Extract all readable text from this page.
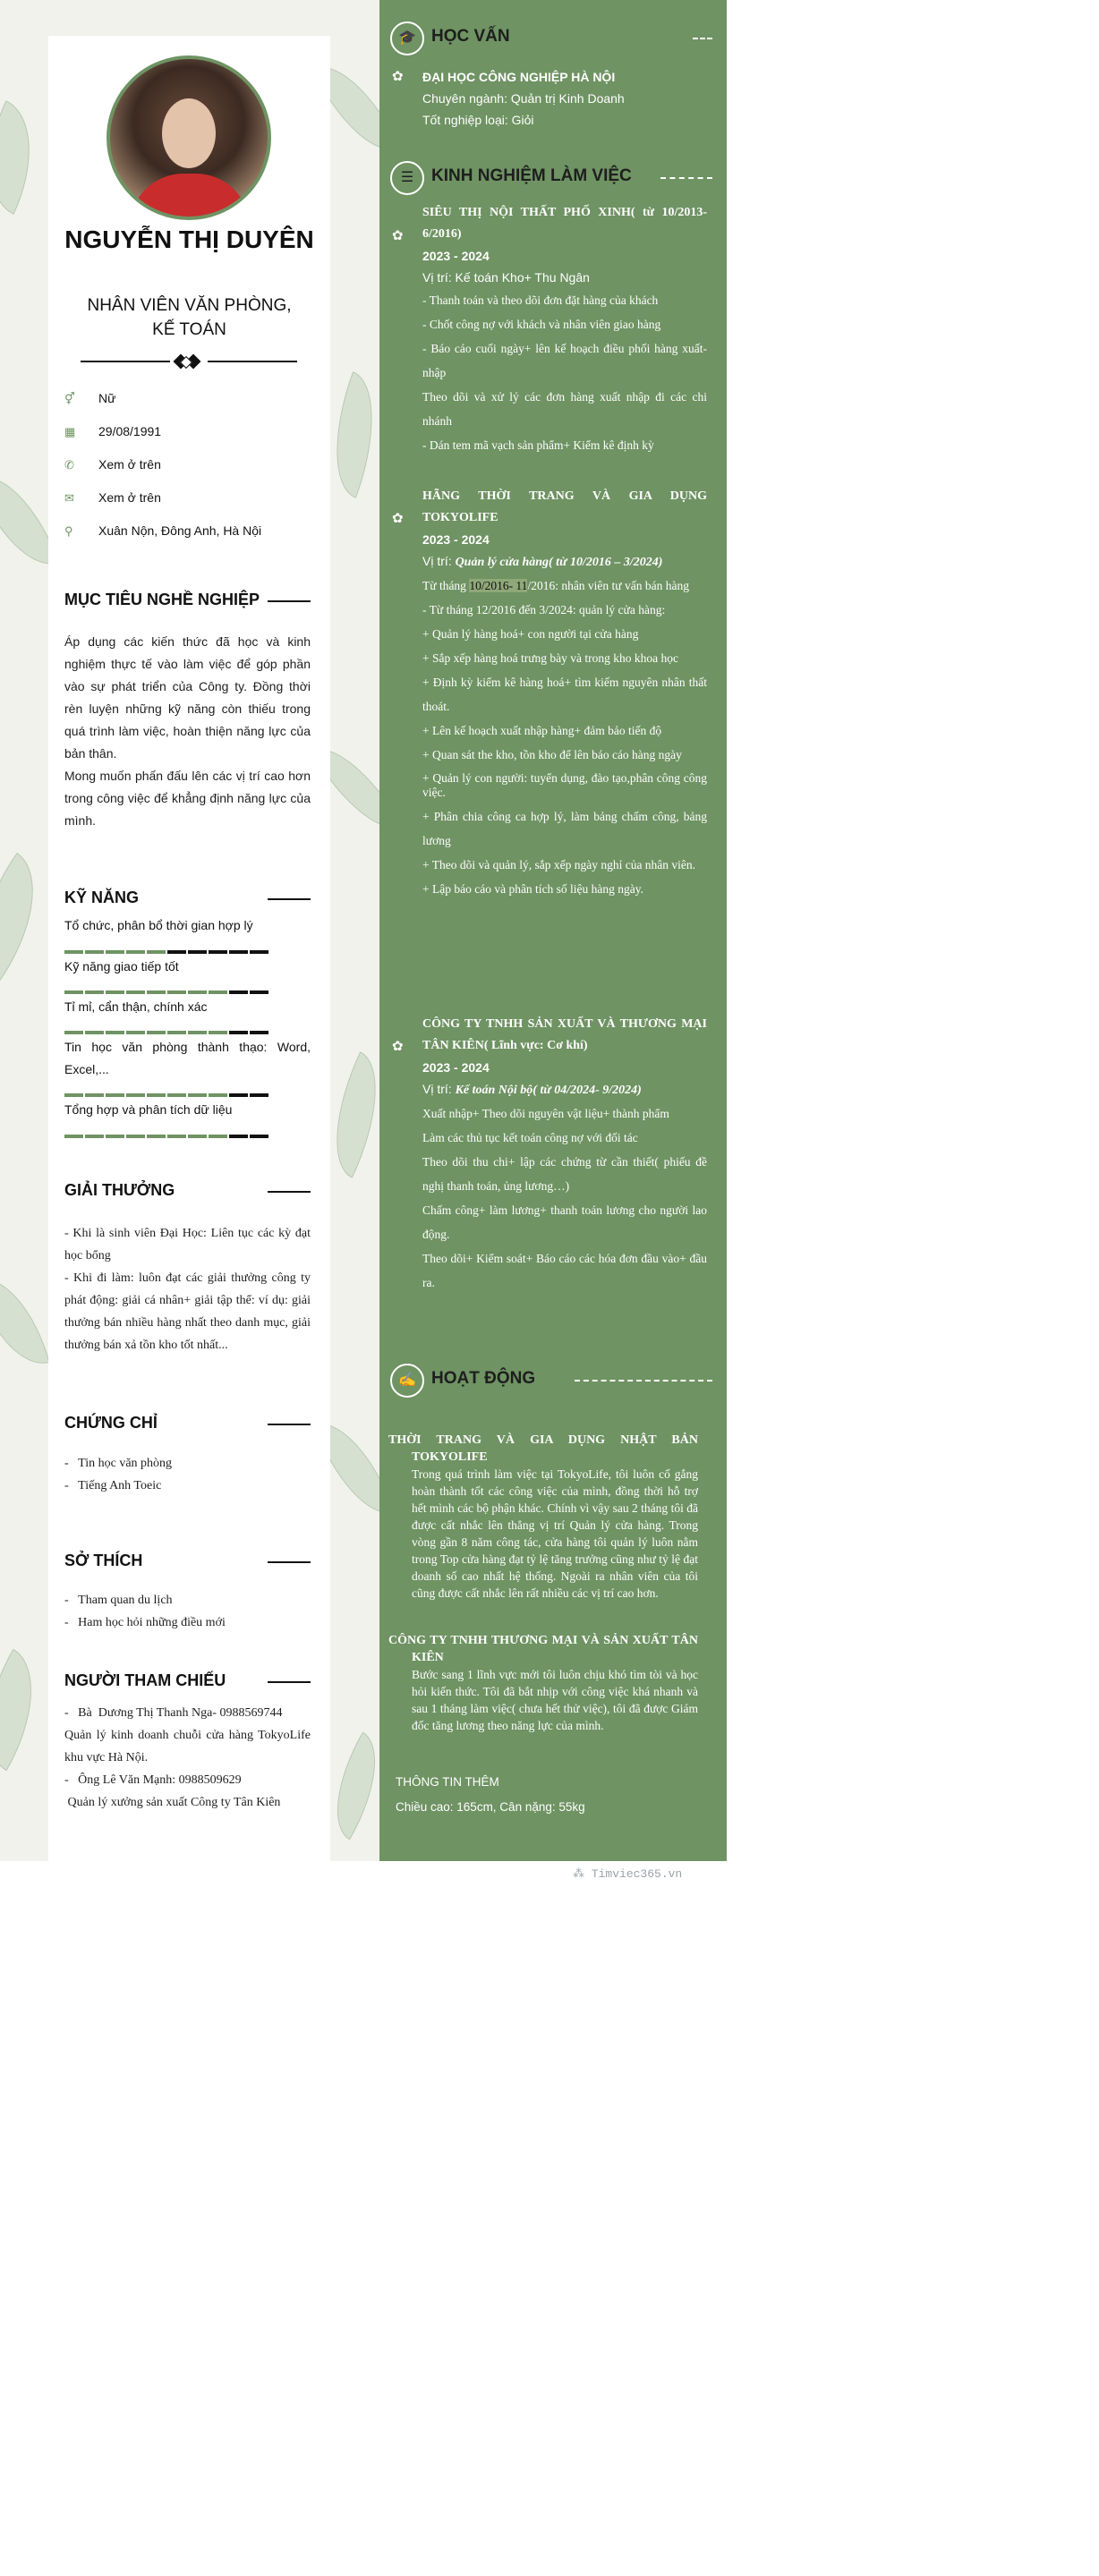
NGUYỄN THỊ DUYÊN
NHÂN VIÊN VĂN PHÒNG, KẾ TOÁN
⚥ Nữ
▦ 29/08/1991
✆ Xem ở trên
✉ Xem ở trên
⚲ Xuân Nộn, Đông Anh, Hà Nội
MỤC TIÊU NGHỀ NGHIỆP
Áp dụng các kiến thức đã học và kinh nghiệm thực tế vào làm việc để góp phần vào sự phát triển của Công ty. Đồng thời rèn luyện những kỹ năng còn thiếu trong quá trình làm việc, hoàn thiện năng lực của bản thân.
Mong muốn phấn đấu lên các vị trí cao hơn trong công việc để khẳng định năng lực của mình.
KỸ NĂNG
Tổ chức, phân bổ thời gian hợp lý
Kỹ năng giao tiếp tốt
Tỉ mỉ, cẩn thận, chính xác
Tin học văn phòng thành thạo: Word, Excel,...
Tổng hợp và phân tích dữ liệu
GIẢI THƯỞNG
- Khi là sinh viên Đại Học: Liên tục các kỳ đạt học bổng
- Khi đi làm: luôn đạt các giải thưởng công ty phát động: giải cá nhân+ giải tập thể: ví dụ: giải thưởng bán nhiều hàng nhất theo danh mục, giải thưởng bán xả tồn kho tốt nhất...
CHỨNG CHỈ
-   Tin học văn phòng
-   Tiếng Anh Toeic
SỞ THÍCH
-   Tham quan du lịch
-   Ham học hỏi những điều mới
NGƯỜI THAM CHIẾU
-   Bà  Dương Thị Thanh Nga- 0988569744
Quản lý kinh doanh chuỗi cửa hàng TokyoLife khu vực Hà Nội.
-   Ông Lê Văn Mạnh: 0988509629
Quản lý xưởng sản xuất Công ty Tân Kiên
🎓 HỌC VẤN
✿ ĐẠI HỌC CÔNG NGHIỆP HÀ NỘI
Chuyên ngành: Quản trị Kinh Doanh
Tốt nghiệp loại: Giỏi
☰	KINH NGHIỆM LÀM VIỆC
✿
SIÊU THỊ NỘI THẤT PHỐ XINH( từ 10/2013- 6/2016)
2023 - 2024
Vị trí: Kế toán Kho+ Thu Ngân
- Thanh toán và theo dõi đơn đặt hàng của khách
- Chốt công nợ với khách và nhân viên giao hàng
- Báo cáo cuối ngày+ lên kế hoạch điều phối hàng xuất- nhập
Theo dõi và xử lý các đơn hàng xuất nhập đi các chi nhánh
- Dán tem mã vạch sản phẩm+ Kiểm kê định kỳ
✿
HÃNG THỜI TRANG VÀ GIA DỤNG TOKYOLIFE
2023 - 2024
Vị trí: Quản lý cửa hàng( từ 10/2016 – 3/2024)
Từ tháng 10/2016- 11/2016: nhân viên tư vấn bán hàng
- Từ tháng 12/2016 đến 3/2024: quản lý cửa hàng:
+ Quản lý hàng hoá+ con người tại cửa hàng
+ Sắp xếp hàng hoá trưng bày và trong kho khoa học
+ Định kỳ kiểm kê hàng hoá+ tìm kiếm nguyên nhân thất thoát.
+ Lên kế hoạch xuất nhập hàng+ đảm bảo tiến độ
+ Quan sát the kho, tồn kho để lên báo cáo hàng ngày
+ Quản lý con người: tuyển dụng, đào tạo,phân công công việc.
+ Phân chia công ca hợp lý, làm bảng chấm công, bảng lương
+ Theo dõi và quản lý, sắp xếp ngày nghỉ của nhân viên.
+ Lập báo cáo và phân tích số liệu hàng ngày.
✿
CÔNG TY TNHH SẢN XUẤT VÀ THƯƠNG MẠI TÂN KIÊN( Lĩnh vực: Cơ khí)
2023 - 2024
Vị trí: Kế toán Nội bộ( từ 04/2024- 9/2024)
Xuất nhập+ Theo dõi nguyên vật liệu+ thành phẩm
Làm các thủ tục kết toán công nợ với đối tác
Theo dõi thu chi+ lập các chứng từ cần thiết( phiếu đề nghị thanh toán, ủng lương…)
Chấm công+ làm lương+ thanh toán lương cho người lao động.
Theo dõi+ Kiểm soát+ Báo cáo các hóa đơn đầu vào+ đầu ra.
✍ HOẠT ĐỘNG
THỜI TRANG VÀ GIA DỤNG NHẬT BẢN TOKYOLIFE
Trong quá trình làm việc tại TokyoLife, tôi luôn cố gắng hoàn thành tốt các công việc của mình, đồng thời hỗ trợ hết mình các bộ phận khác. Chính vì vậy sau 2 tháng tôi đã được cất nhắc lên thẳng vị trí Quản lý cửa hàng. Trong vòng gần 8 năm công tác, cửa hàng tôi quản lý luôn nằm trong Top cửa hàng đạt tỷ lệ tăng trưởng cũng như tỷ lệ đạt doanh số cao nhất hệ thống. Ngoài ra nhân viên của tôi cũng được cất nhắc lên rất nhiều các vị trí cao hơn.
CÔNG TY TNHH THƯƠNG MẠI VÀ SẢN XUẤT TÂN KIÊN
Bước sang 1 lĩnh vực mới tôi luôn chịu khó tìm tòi và học hỏi kiến thức. Tôi đã bắt nhịp với công việc khá nhanh và sau 1 tháng làm việc( chưa hết thử việc), tôi đã được Giám đốc tăng lương theo năng lực của mình.
THÔNG TIN THÊM
Chiều cao: 165cm, Cân nặng: 55kg
⁂ Timviec365.vn
